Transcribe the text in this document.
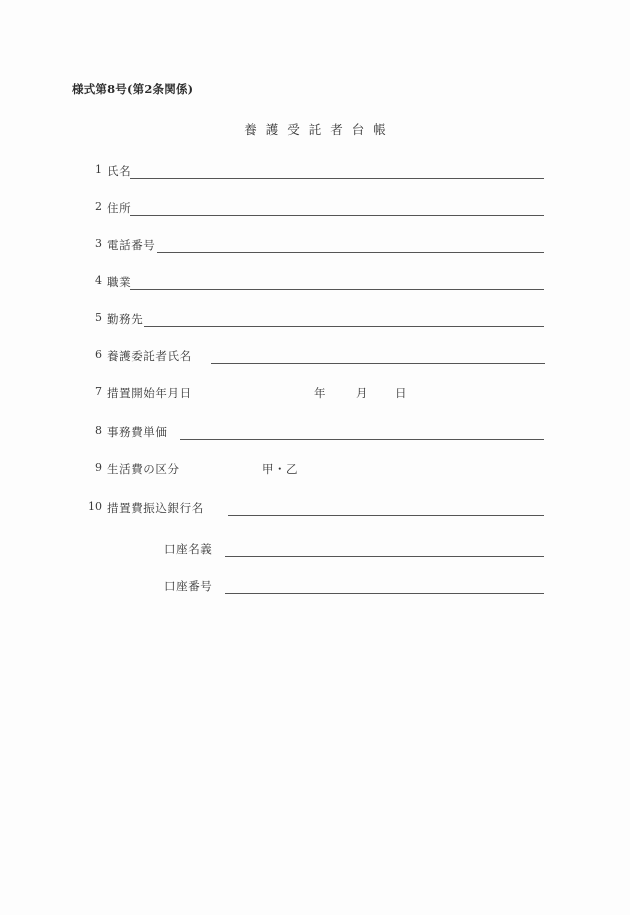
様式第8号(第2条関係)
養護受託者台帳
1 氏名
2 住所
3 電話番号
4 職業
5 勤務先
6 養護委託者氏名
7 措置開始年月日	年	月 日
8 事務費単価
9 生活費の区分	甲・乙
10 措置費振込銀行名
口座名義
口座番号
